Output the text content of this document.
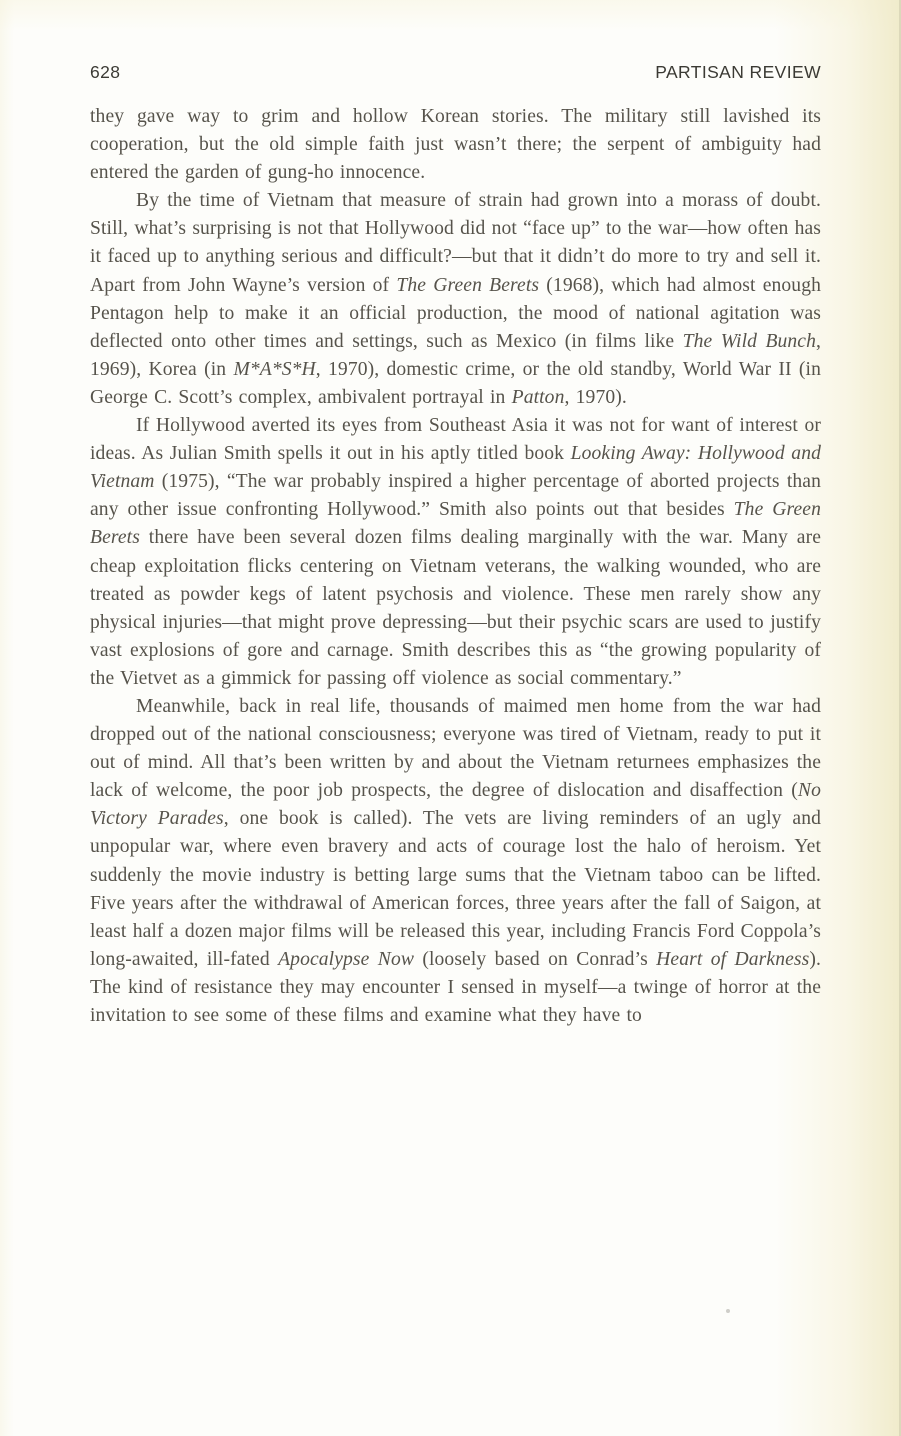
628	PARTISAN REVIEW

they gave way to grim and hollow Korean stories. The military still lavished its cooperation, but the old simple faith just wasn’t there; the serpent of ambiguity had entered the garden of gung-ho innocence.

By the time of Vietnam that measure of strain had grown into a morass of doubt. Still, what’s surprising is not that Hollywood did not “face up” to the war—how often has it faced up to anything serious and difficult?—but that it didn’t do more to try and sell it. Apart from John Wayne’s version of The Green Berets (1968), which had almost enough Pentagon help to make it an official production, the mood of national agitation was deflected onto other times and settings, such as Mexico (in films like The Wild Bunch, 1969), Korea (in M*A*S*H, 1970), domestic crime, or the old standby, World War II (in George C. Scott’s complex, ambivalent portrayal in Patton, 1970).

If Hollywood averted its eyes from Southeast Asia it was not for want of interest or ideas. As Julian Smith spells it out in his aptly titled book Looking Away: Hollywood and Vietnam (1975), “The war probably inspired a higher percentage of aborted projects than any other issue confronting Hollywood.” Smith also points out that besides The Green Berets there have been several dozen films dealing marginally with the war. Many are cheap exploitation flicks centering on Vietnam veterans, the walking wounded, who are treated as powder kegs of latent psychosis and violence. These men rarely show any physical injuries—that might prove depressing—but their psychic scars are used to justify vast explosions of gore and carnage. Smith describes this as “the growing popularity of the Vietvet as a gimmick for passing off violence as social commentary.”

Meanwhile, back in real life, thousands of maimed men home from the war had dropped out of the national consciousness; everyone was tired of Vietnam, ready to put it out of mind. All that’s been written by and about the Vietnam returnees emphasizes the lack of welcome, the poor job prospects, the degree of dislocation and disaffection (No Victory Parades, one book is called). The vets are living reminders of an ugly and unpopular war, where even bravery and acts of courage lost the halo of heroism. Yet suddenly the movie industry is betting large sums that the Vietnam taboo can be lifted. Five years after the withdrawal of American forces, three years after the fall of Saigon, at least half a dozen major films will be released this year, including Francis Ford Coppola’s long-awaited, ill-fated Apocalypse Now (loosely based on Conrad’s Heart of Darkness). The kind of resistance they may encounter I sensed in myself—a twinge of horror at the invitation to see some of these films and examine what they have to
